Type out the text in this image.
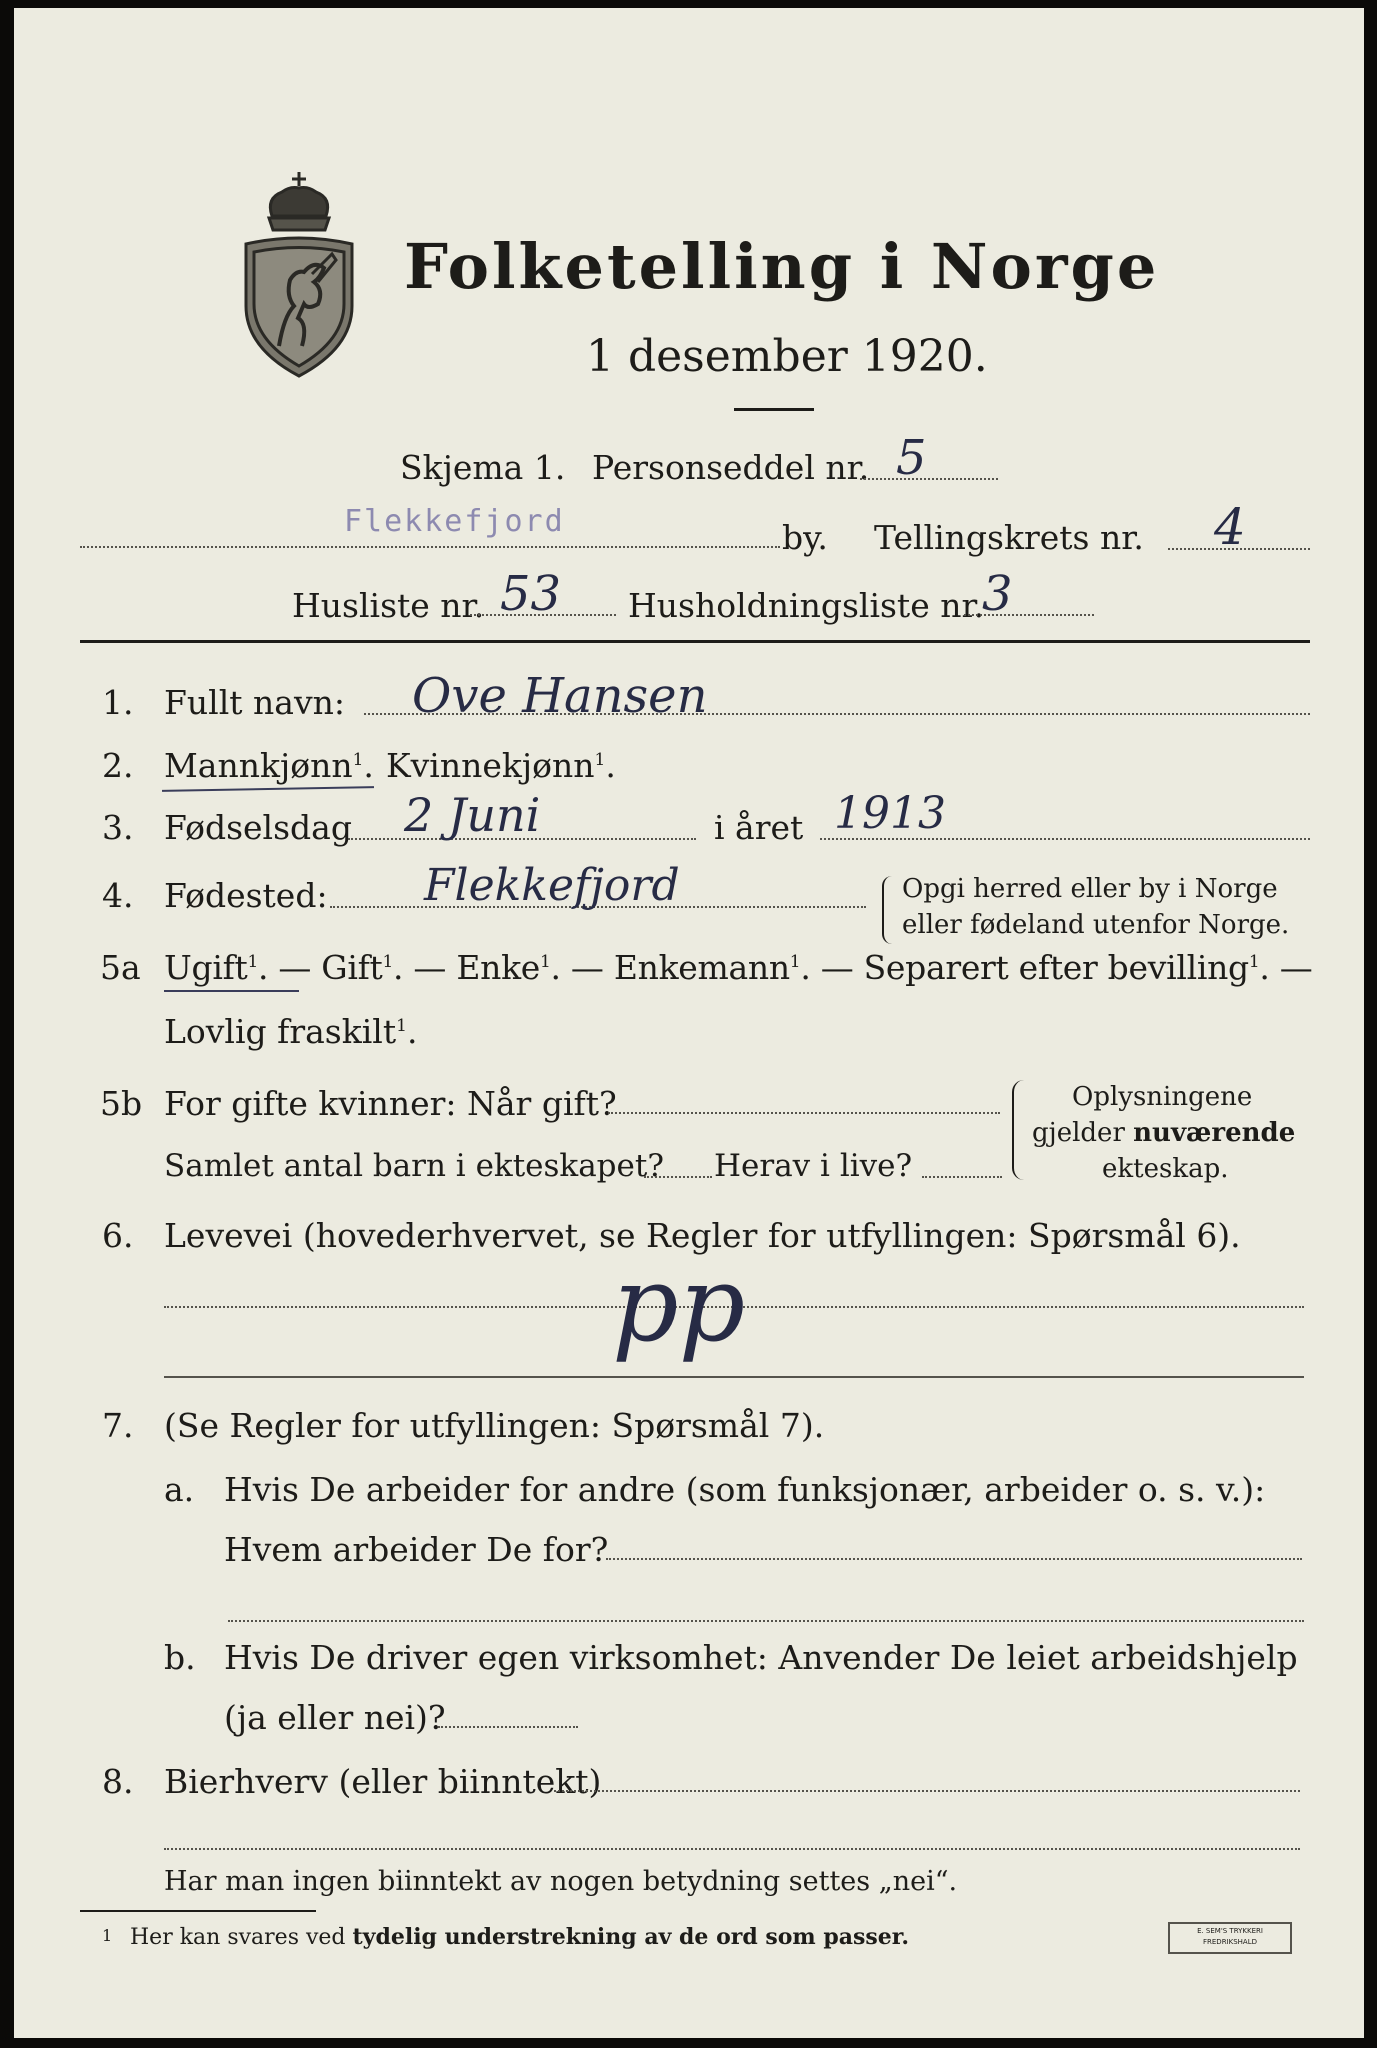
Folketelling i Norge
1 desember 1920.
Skjema 1. Personseddel nr. 5
Flekkefjord	by. Tellingskrets nr. 4
Husliste nr. 53 Husholdningsliste nr.
3
1. Fullt navn: Ove Hansen
2. Mannkjønn$^1$. Kvinnekjønn$^1$.
3. Fødselsdag 2 Juni	i året 1913
4. Fødested: Flekkefjord	Opgi herred eller by i Norge
eller fødeland utenfor Norge.
5a Ugift$^1$. — Gift$^1$. — Enke$^1$. — Enkemann$^1$. — Separert efter bevilling$^1$. —
Lovlig fraskilt$^1$.
5b For gifte kvinner: Når gift?
Samlet antal barn i ekteskapet? Herav i live?
Oplysningene
gjelder nuværende
ekteskap.
6. Levevei (hovederhvervet, se Regler for utfyllingen: Spørsmål 6).
pp
7. (Se Regler for utfyllingen: Spørsmål 7).
a. Hvis De arbeider for andre (som funksjonær, arbeider o. s. v.):
Hvem arbeider De for?
b. Hvis De driver egen virksomhet: Anvender De leiet arbeidshjelp
(ja eller nei)?
8. Bierhverv (eller biinntekt)
Har man ingen biinntekt av nogen betydning settes „nei“.
1 Her kan svares ved tydelig understrekning av de ord som passer.	E. SEM'S TRYKKERI
FREDRIKSHALD
